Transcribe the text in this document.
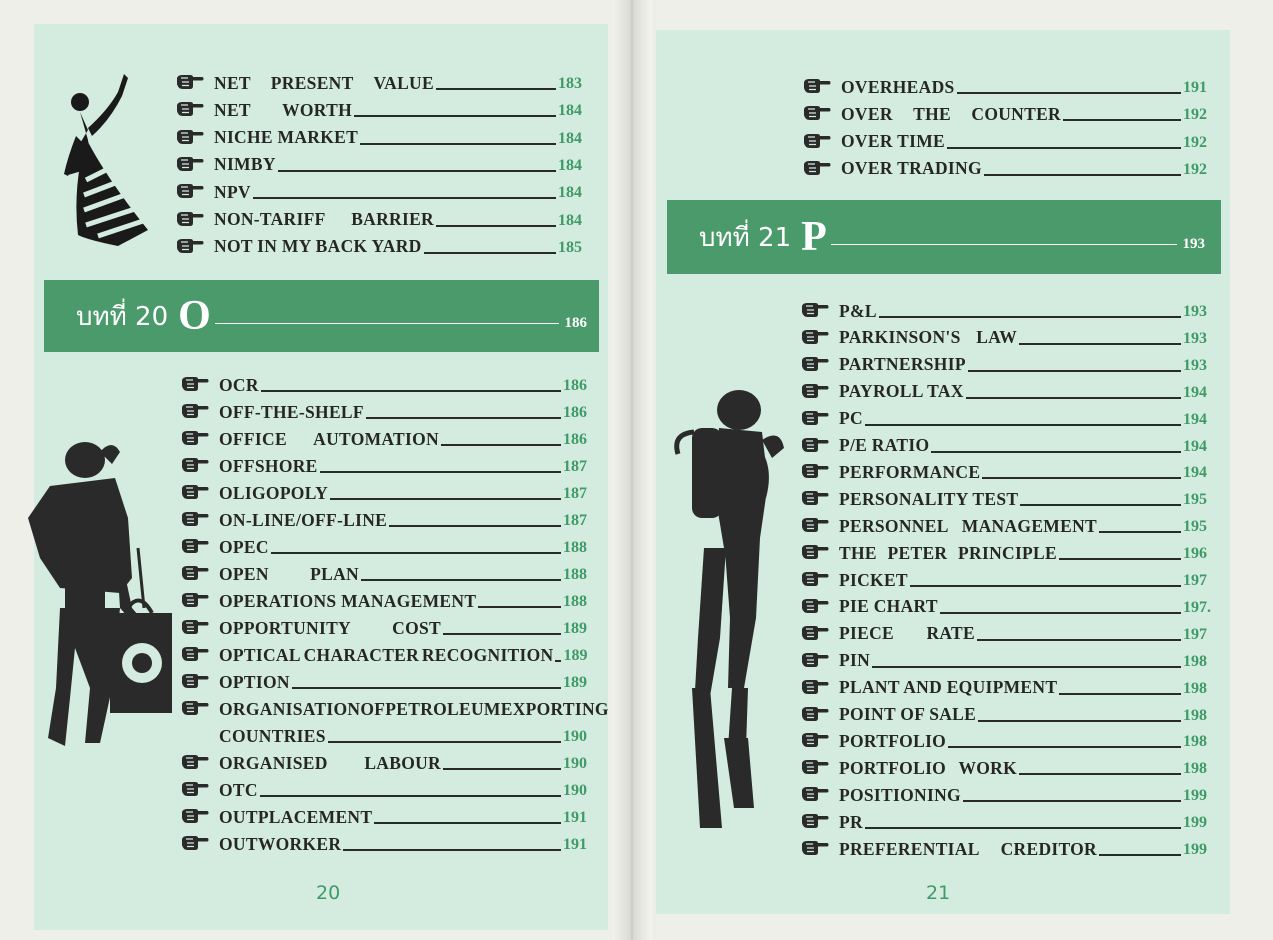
NET PRESENT VALUE	183
NET WORTH	184
NICHE MARKET	184
NIMBY	184
NPV	184
NON-TARIFF BARRIER	184
NOT IN MY BACK YARD	185
บทที่ 20 O	186
OCR	186
OFF-THE-SHELF	186
OFFICE AUTOMATION	186
OFFSHORE	187
OLIGOPOLY	187
ON-LINE/OFF-LINE	187
OPEC	188
OPEN PLAN	188
OPERATIONS MANAGEMENT	188
OPPORTUNITY COST	189
OPTICAL CHARACTER RECOGNITION 189
OPTION	189
ORGANISATION OF PETROLEUM EXPORTING
COUNTRIES	190
ORGANISED LABOUR	190
OTC	190
OUTPLACEMENT	191
OUTWORKER	191
20
OVERHEADS	191
OVER THE COUNTER	192
OVER TIME	192
OVER TRADING	192
บทที่ 21 P	193
P&L	193
PARKINSON'S LAW	193
PARTNERSHIP	193
PAYROLL TAX	194
PC	194
P/E RATIO	194
PERFORMANCE	194
PERSONALITY TEST	195
PERSONNEL MANAGEMENT	195
THE PETER PRINCIPLE	196
PICKET	197
PIE CHART	197.
PIECE RATE	197
PIN	198
PLANT AND EQUIPMENT	198
POINT OF SALE	198
PORTFOLIO	198
PORTFOLIO WORK	198
POSITIONING	199
PR	199
PREFERENTIAL CREDITOR	199
21
